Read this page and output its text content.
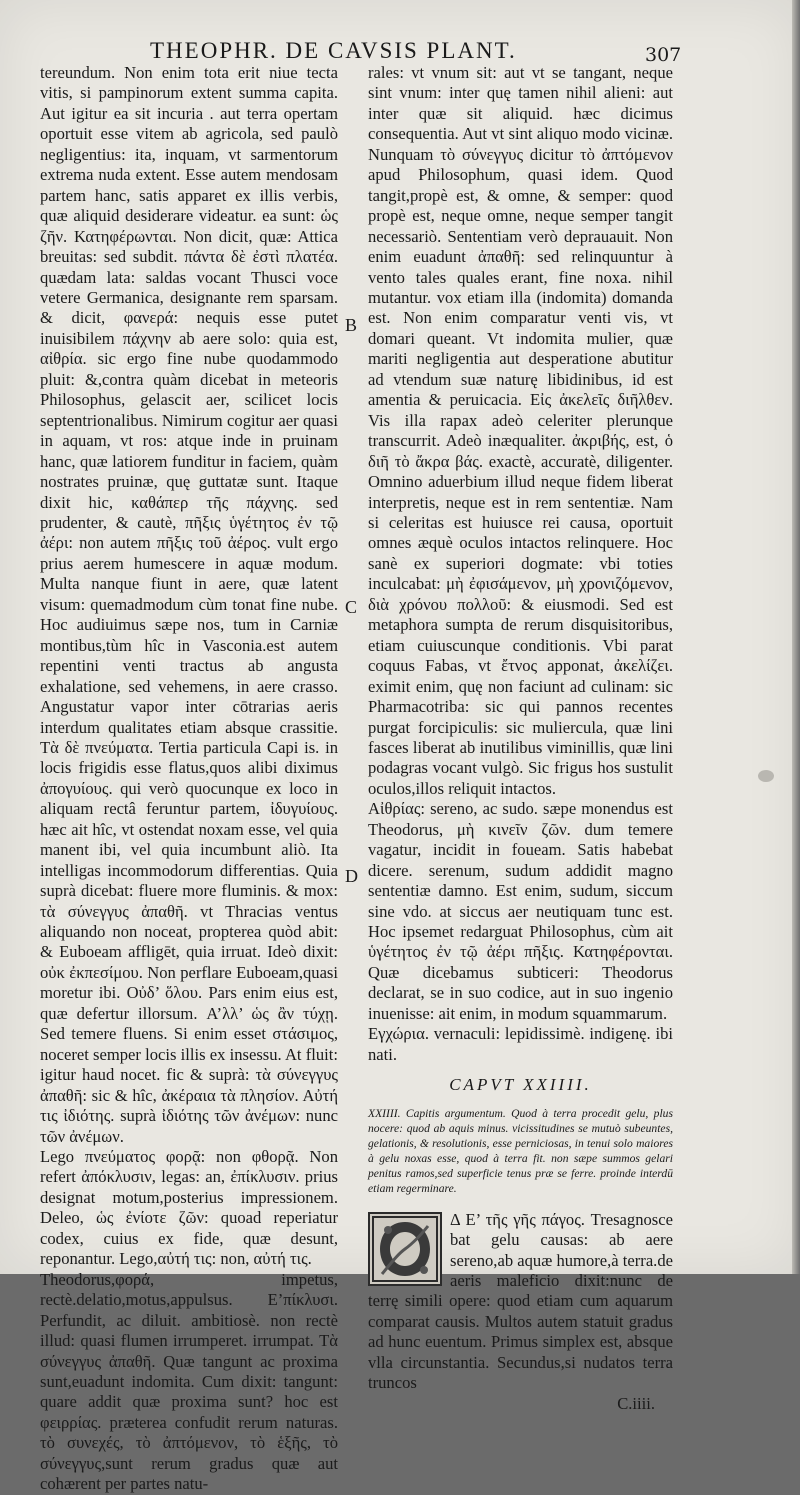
THEOPHR. DE CAVSIS PLANT.	307
B
C
D

tereundum. Non enim tota erit niue tecta vitis, si pampinorum extent summa capita. Aut igitur ea sit incuria . aut terra opertam oportuit esse vitem ab agricola, sed paulò negligentius: ita, inquam, vt sarmentorum extrema nuda extent. Esse autem mendosam partem hanc, satis apparet ex illis verbis, quæ aliquid desiderare videatur. ea sunt: ὡς ζῆν. Κατηφέρωνται. Non dicit, quæ: Attica breuitas: sed subdit. πάντα δὲ ἐστὶ πλατέα. quædam lata: saldas vocant Thusci voce vetere Germanica, designante rem sparsam. & dicit, φανερά: nequis esse putet inuisibilem πάχνην ab aere solo: quia est, αἰθρία. sic ergo fine nube quodammodo pluit: &,contra quàm dicebat in meteoris Philosophus, gelascit aer, scilicet locis septentrionalibus. Nimirum cogitur aer quasi in aquam, vt ros: atque inde in pruinam hanc, quæ latiorem funditur in faciem, quàm nostrates pruinæ, quę guttatæ sunt. Itaque dixit hic, καθάπερ τῆς πάχνης. sed prudenter, & cautè, πῆξις ὑγέτητος ἐν τῷ ἀέρι: non autem πῆξις τοῦ ἀέρος. vult ergo prius aerem humescere in aquæ modum. Multa nanque fiunt in aere, quæ latent visum: quemadmodum cùm tonat fine nube. Hoc audiuimus sæpe nos, tum in Carniæ montibus,tùm hîc in Vasconia.est autem repentini venti tractus ab angusta exhalatione, sed vehemens, in aere crasso. Angustatur vapor inter cōtrarias aeris interdum qualitates etiam absque crassitie. Τὰ δὲ πνεύματα. Tertia particula Capi is. in locis frigidis esse flatus,quos alibi diximus ἀπογυίους. qui verò quocunque ex loco in aliquam rectâ feruntur partem, ἰδυγυίους. hæc ait hîc, vt ostendat noxam esse, vel quia manent ibi, vel quia incumbunt aliò. Ita intelligas incommodorum differentias. Quia suprà dicebat: fluere more fluminis. & mox: τὰ σύνεγγυς ἀπαθῆ. vt Thracias ventus aliquando non noceat, propterea quòd abit: & Euboeam affligēt, quia irruat. Ideò dixit: οὐκ ἐκπεσίμου. Non perflare Euboeam,quasi moretur ibi. Οὐδ’ ὅλου. Pars enim eius est, quæ defertur illorsum. Α’λλ’ ὡς ἂν τύχῃ. Sed temere fluens. Si enim esset στάσιμος, noceret semper locis illis ex insessu. At fluit: igitur haud nocet. fic & suprà: τὰ σύνεγγυς ἀπαθῆ: sic & hîc, ἀκέραια τὰ πλησίον. Αὐτή τις ἰδιότης. suprà ἰδιότης τῶν ἀνέμων: nunc τῶν ἀνέμων.

Lego πνεύματος φορᾷ: non φθορᾷ. Non refert ἀπόκλυσιν, legas: an, ἐπίκλυσιν. prius designat motum,posterius impressionem. Deleo, ὡς ἐνίοτε ζῶν: quoad reperiatur codex, cuius ex fide, quæ desunt, reponantur. Lego,αὐτή τις: non, αὐτή τις.

Theodorus,φορά, impetus, rectè.delatio,motus,appulsus. Ε’πίκλυσι. Perfundit, ac diluit. ambitiosè. non rectè illud: quasi flumen irrumperet. irrumpat. Τὰ σύνεγγυς ἀπαθῆ. Quæ tangunt ac proxima sunt,euadunt indomita. Cum dixit: tangunt: quare addit quæ proxima sunt? hoc est φειρρίας. præterea confudit rerum naturas. τὸ συνεχές, τὸ ἀπτόμενον, τὸ ἑξῆς, τὸ σύνεγγυς,sunt rerum gradus quæ aut cohærent per partes natu-

rales: vt vnum sit: aut vt se tangant, neque sint vnum: inter quę tamen nihil alieni: aut inter quæ sit aliquid. hæc dicimus consequentia. Aut vt sint aliquo modo vicinæ. Nunquam τὸ σύνεγγυς dicitur τὸ ἀπτόμενον apud Philosophum, quasi idem. Quod tangit,propè est, & omne, & semper: quod propè est, neque omne, neque semper tangit necessariò. Sententiam verò deprauauit. Non enim euadunt ἀπαθῆ: sed relinquuntur à vento tales quales erant, fine noxa. nihil mutantur. vox etiam illa (indomita) domanda est. Non enim comparatur venti vis, vt domari queant. Vt indomita mulier, quæ mariti negligentia aut desperatione abutitur ad vtendum suæ naturę libidinibus, id est amentia & peruicacia. Εἰς ἀκελεῖς διῆλθεν. Vis illa rapax adeò celeriter plerunque transcurrit. Adeò inæqualiter. ἀκριβής, est, ὁ διῆ τὸ ἄκρα βάς. exactè, accuratè, diligenter. Omnino aduerbium illud neque fidem liberat interpretis, neque est in rem sententiæ. Nam si celeritas est huiusce rei causa, oportuit omnes æquè oculos intactos relinquere. Hoc sanè ex superiori dogmate: vbi toties inculcabat: μὴ ἐφισάμενον, μὴ χρονιζόμενον, διὰ χρόνου πολλοῦ: & eiusmodi. Sed est metaphora sumpta de rerum disquisitoribus, etiam cuiuscunque conditionis. Vbi parat coquus Fabas, vt ἔτνος apponat, ἀκελίζει. eximit enim, quę non faciunt ad culinam: sic Pharmacotriba: sic qui pannos recentes purgat forcipiculis: sic muliercula, quæ lini fasces liberat ab inutilibus viminillis, quæ lini podagras vocant vulgò. Sic frigus hos sustulit oculos,illos reliquit intactos.

Αἰθρίας: sereno, ac sudo. sæpe monendus est Theodorus, μὴ κινεῖν ζῶν. dum temere vagatur, incidit in foueam. Satis habebat dicere. serenum, sudum addidit magno sententiæ damno. Est enim, sudum, siccum sine vdo. at siccus aer neutiquam tunc est. Hoc ipsemet redarguat Philosophus, cùm ait ὑγέτητος ἐν τῷ ἀέρι πῆξις. Κατηφέρονται. Quæ dicebamus subticeri: Theodorus declarat, se in suo codice, aut in suo ingenio inuenisse: ait enim, in modum squammarum.

Εγχώρια. vernaculi: lepidissimè. indigenę. ibi nati.

CAPVT XXIIII.
XXIIII. Capitis argumentum. Quod à terra procedit gelu, plus nocere: quod ab aquis minus. vicissitudines se mutuò subeuntes, gelationis, & resolutionis, esse perniciosas, in tenui solo maiores à gelu noxas esse, quod à terra fit. non sæpe summos gelari penitus ramos,sed superficie tenus præ se ferre. proinde interdū etiam regerminare.

Δ Ε’ τῆς γῆς πάγος. Tresagnosce bat gelu causas: ab aere sereno,ab aquæ humore,à terra.de aeris maleficio dixit:nunc de terrę simili opere: quod etiam cum aquarum comparat causis. Multos autem statuit gradus ad hunc euentum. Primus simplex est, absque vlla circunstantia. Secundus,si nudatos terra truncos

C.iiii.
